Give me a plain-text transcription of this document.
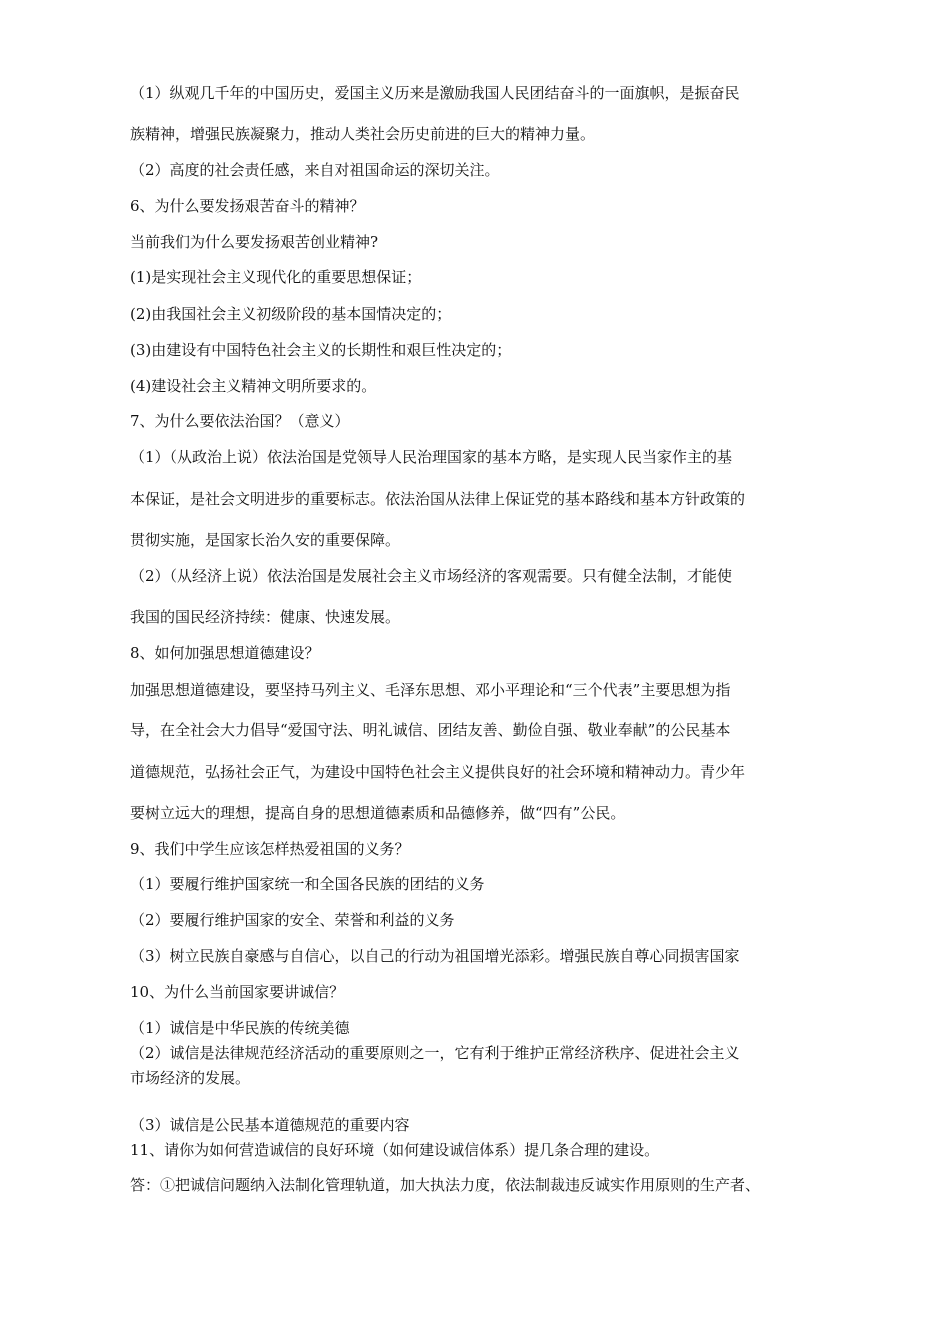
（1）纵观几千年的中国历史，爱国主义历来是激励我国人民团结奋斗的一面旗帜，是振奋民
族精神，增强民族凝聚力，推动人类社会历史前进的巨大的精神力量。
（2）高度的社会责任感，来自对祖国命运的深切关注。
6、为什么要发扬艰苦奋斗的精神？
当前我们为什么要发扬艰苦创业精神?
(1)是实现社会主义现代化的重要思想保证；
(2)由我国社会主义初级阶段的基本国情决定的；
(3)由建设有中国特色社会主义的长期性和艰巨性决定的；
(4)建设社会主义精神文明所要求的。
7、为什么要依法治国？（意义）
（1）（从政治上说）依法治国是党领导人民治理国家的基本方略，是实现人民当家作主的基
本保证，是社会文明进步的重要标志。依法治国从法律上保证党的基本路线和基本方针政策的
贯彻实施，是国家长治久安的重要保障。
（2）（从经济上说）依法治国是发展社会主义市场经济的客观需要。只有健全法制，才能使
我国的国民经济持续：健康、快速发展。
8、如何加强思想道德建设？
加强思想道德建设，要坚持马列主义、毛泽东思想、邓小平理论和“三个代表”主要思想为指
导，在全社会大力倡导“爱国守法、明礼诚信、团结友善、勤俭自强、敬业奉献”的公民基本
道德规范，弘扬社会正气，为建设中国特色社会主义提供良好的社会环境和精神动力。青少年
要树立远大的理想，提高自身的思想道德素质和品德修养，做“四有”公民。
9、我们中学生应该怎样热爱祖国的义务？
（1）要履行维护国家统一和全国各民族的团结的义务
（2）要履行维护国家的安全、荣誉和利益的义务
（3）树立民族自豪感与自信心，以自己的行动为祖国增光添彩。增强民族自尊心同损害国家
10、为什么当前国家要讲诚信？
（1）诚信是中华民族的传统美德
（2）诚信是法律规范经济活动的重要原则之一，它有利于维护正常经济秩序、促进社会主义
市场经济的发展。
（3）诚信是公民基本道德规范的重要内容
11、请你为如何营造诚信的良好环境（如何建设诚信体系）提几条合理的建设。
答：①把诚信问题纳入法制化管理轨道，加大执法力度，依法制裁违反诚实作用原则的生产者、
